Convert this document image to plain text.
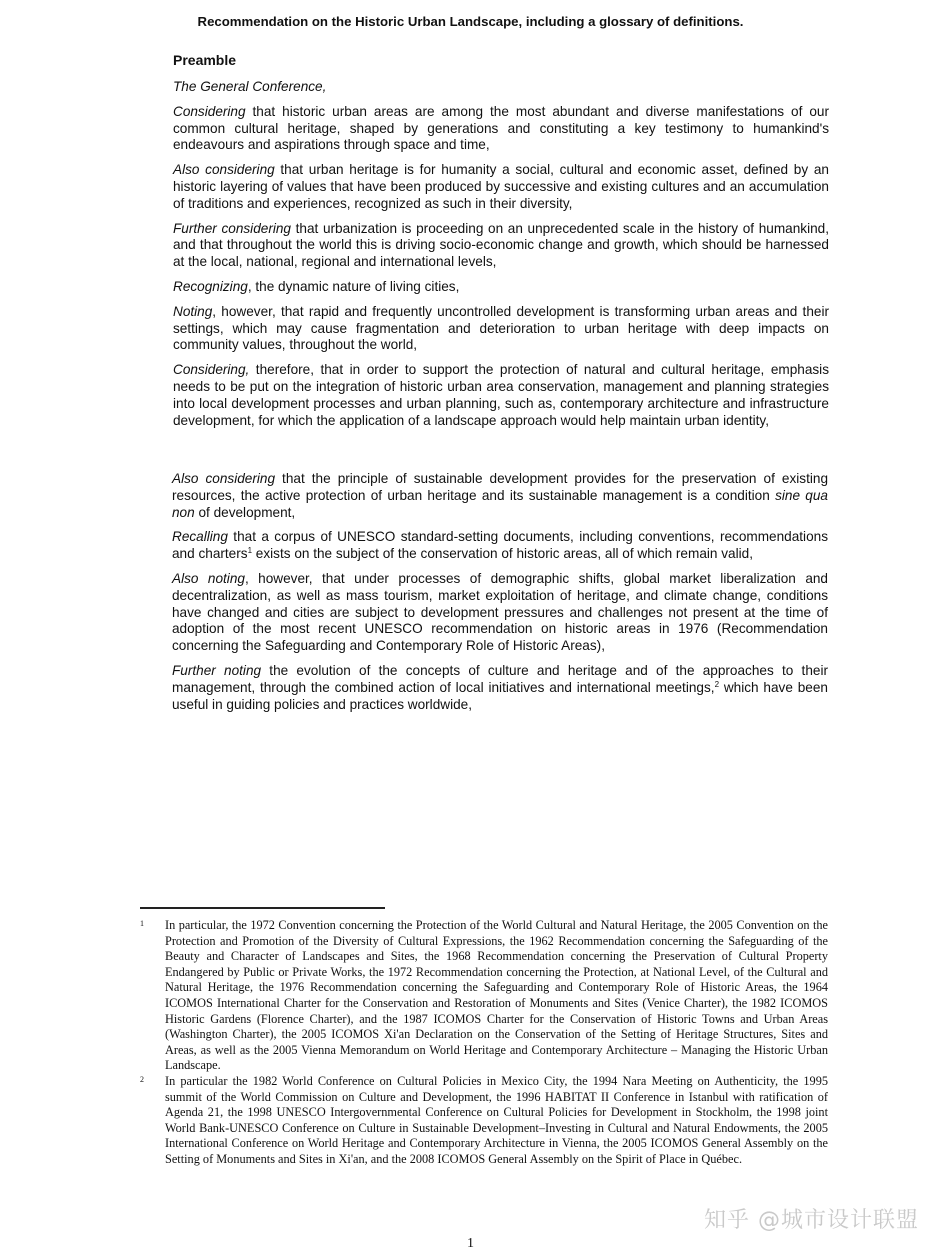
Recommendation on the Historic Urban Landscape, including a glossary of definitions.
Preamble
The General Conference,
Considering that historic urban areas are among the most abundant and diverse manifestations of our common cultural heritage, shaped by generations and constituting a key testimony to humankind's endeavours and aspirations through space and time,
Also considering that urban heritage is for humanity a social, cultural and economic asset, defined by an historic layering of values that have been produced by successive and existing cultures and an accumulation of traditions and experiences, recognized as such in their diversity,
Further considering that urbanization is proceeding on an unprecedented scale in the history of humankind, and that throughout the world this is driving socio-economic change and growth, which should be harnessed at the local, national, regional and international levels,
Recognizing, the dynamic nature of living cities,
Noting, however, that rapid and frequently uncontrolled development is transforming urban areas and their settings, which may cause fragmentation and deterioration to urban heritage with deep impacts on community values, throughout the world,
Considering, therefore, that in order to support the protection of natural and cultural heritage, emphasis needs to be put on the integration of historic urban area conservation, management and planning strategies into local development processes and urban planning, such as, contemporary architecture and infrastructure development, for which the application of a landscape approach would help maintain urban identity,
Also considering that the principle of sustainable development provides for the preservation of existing resources, the active protection of urban heritage and its sustainable management is a condition sine qua non of development,
Recalling that a corpus of UNESCO standard-setting documents, including conventions, recommendations and charters$^1$ exists on the subject of the conservation of historic areas, all of which remain valid,
Also noting, however, that under processes of demographic shifts, global market liberalization and decentralization, as well as mass tourism, market exploitation of heritage, and climate change, conditions have changed and cities are subject to development pressures and challenges not present at the time of adoption of the most recent UNESCO recommendation on historic areas in 1976 (Recommendation concerning the Safeguarding and Contemporary Role of Historic Areas),
Further noting the evolution of the concepts of culture and heritage and of the approaches to their management, through the combined action of local initiatives and international meetings,$^2$ which have been useful in guiding policies and practices worldwide,
1 In particular, the 1972 Convention concerning the Protection of the World Cultural and Natural Heritage, the 2005 Convention on the Protection and Promotion of the Diversity of Cultural Expressions, the 1962 Recommendation concerning the Safeguarding of the Beauty and Character of Landscapes and Sites, the 1968 Recommendation concerning the Preservation of Cultural Property Endangered by Public or Private Works, the 1972 Recommendation concerning the Protection, at National Level, of the Cultural and Natural Heritage, the 1976 Recommendation concerning the Safeguarding and Contemporary Role of Historic Areas, the 1964 ICOMOS International Charter for the Conservation and Restoration of Monuments and Sites (Venice Charter), the 1982 ICOMOS Historic Gardens (Florence Charter), and the 1987 ICOMOS Charter for the Conservation of Historic Towns and Urban Areas (Washington Charter), the 2005 ICOMOS Xi'an Declaration on the Conservation of the Setting of Heritage Structures, Sites and Areas, as well as the 2005 Vienna Memorandum on World Heritage and Contemporary Architecture – Managing the Historic Urban Landscape.
2 In particular the 1982 World Conference on Cultural Policies in Mexico City, the 1994 Nara Meeting on Authenticity, the 1995 summit of the World Commission on Culture and Development, the 1996 HABITAT II Conference in Istanbul with ratification of Agenda 21, the 1998 UNESCO Intergovernmental Conference on Cultural Policies for Development in Stockholm, the 1998 joint World Bank-UNESCO Conference on Culture in Sustainable Development–Investing in Cultural and Natural Endowments, the 2005 International Conference on World Heritage and Contemporary Architecture in Vienna, the 2005 ICOMOS General Assembly on the Setting of Monuments and Sites in Xi'an, and the 2008 ICOMOS General Assembly on the Spirit of Place in Québec.
知乎 @城市设计联盟
1
